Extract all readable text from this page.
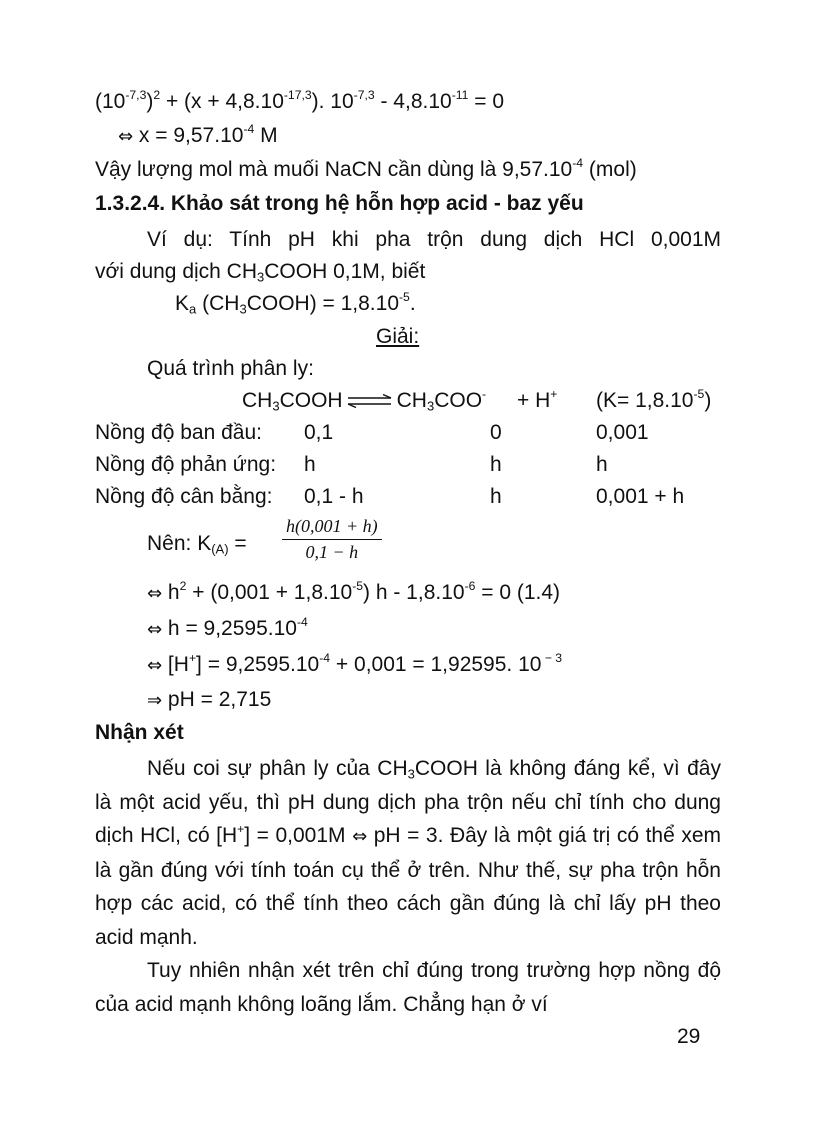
$(10^{-7,3})^2 + (x + 4,8.10^{-17,3})$. $10^{-7,3} - 4,8.10^{-11} = 0$
⇔ $x = 9,57.10^{-4}$ M
Vậy lượng mol mà muối NaCN cần dùng là $9,57.10^{-4}$ (mol)
1.3.2.4. Khảo sát trong hệ hỗn hợp acid - baz yếu
Ví dụ: Tính pH khi pha trộn dung dịch HCl 0,001M
với dung dịch $CH_3COOH$ 0,1M, biết
$K_a$ $(CH_3COOH) = 1,8.10^{-5}$.
Giải:
Quá trình phân ly:
$CH_3COOH$ ⇌ $CH_3COO^- + H^+$ $(K= 1,8.10^{-5})$
Nồng độ ban đầu: 0,1	0	0,001
Nồng độ phản ứng: h	h	h
Nồng độ cân bằng: 0,1 - h	h	0,001 + h
Nên: $K_{(A)}$ =
h(0,001 + h)
0,1 − h
⇔ $h^2 + (0,001 + 1,8.10^{-5})$ $h - 1,8.10^{-6} = 0$ (1.4)
⇔ $h = 9,2595.10^{-4}$
⇔ $[H^+] = 9,2595.10^{-4} + 0,001 = 1,92595$. 10 $^{- 3}$
⇒ pH = 2,715
Nhận xét
Nếu coi sự phân ly của $CH_3COOH$ là không đáng kể, vì đây là một acid yếu, thì pH dung dịch pha trộn nếu chỉ tính cho dung dịch HCl, có [H+] = 0,001M ⇔ pH = 3. Đây là một giá trị có thể xem là gần đúng với tính toán cụ thể ở trên. Như thế, sự pha trộn hỗn hợp các acid, có thể tính theo cách gần đúng là chỉ lấy pH theo acid mạnh.
Tuy nhiên nhận xét trên chỉ đúng trong trường hợp nồng độ của acid mạnh không loãng lắm. Chẳng hạn ở ví
29
